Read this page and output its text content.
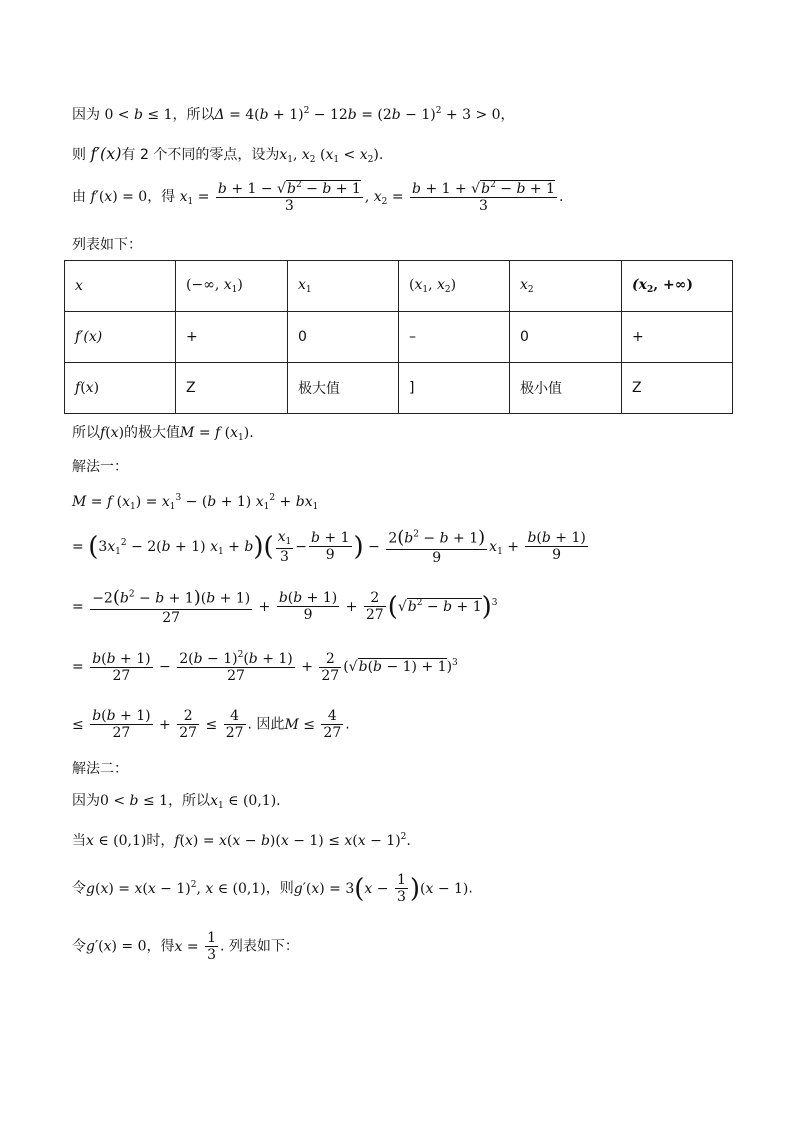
因为 0 < b ≤ 1，所以$\Delta = 4(b + 1)^2 - 12b = (2b - 1)^2 + 3 > 0$，
则 f′(x)有 2 个不同的零点，设为$x_1$, $x_2$ $(x_1 < x_2)$.
由 f′(x) = 0，得 $x_1 = \frac{b + 1 - √b^2 - b + 1}{3}$ , $x_2 = \frac{b + 1 + √b^2 - b + 1}{3}$ .
列表如下：
x	(−∞, $x_1$)	$x_1$	($x_1$, $x_2$)	$x_2$	($x_2$, +∞)
f′(x)	+	0	–	0	+
f(x)	Z	极大值	]	极小值	Z
所以f(x)的极大值M = f $(x_1)$.
解法一：
M = f $(x_1) = x_1^3 - (b + 1) x_1^2 + bx_1$
= $(3x_1^2 - 2(b + 1) x_1 + b)( \frac{x_1}{3} - \frac{b + 1}{9}$ ) − $\frac{2(b^2 - b + 1)}{9} x_1 + \frac{b(b + 1)}{9}$
= $\frac{-2(b^2 - b + 1)(b + 1)}{27} + \frac{b(b + 1)}{9} + \frac{2}{27} (√b^2 - b + 1)^3$
= $\frac{b(b + 1)}{27} - \frac{2(b - 1)^2(b + 1)}{27} + \frac{2}{27} (√b(b - 1) + 1)^3$
≤ $\frac{b(b + 1)}{27} + \frac{2}{27} \le \frac{4}{27}$ . 因此$M \le \frac{4}{27}$ .
解法二：
因为0 < b ≤ 1，所以$x_1$ ∈ (0,1).
当x ∈ (0,1)时，$f(x) = x(x - b)(x - 1) \le x(x - 1)^2$.
令$g(x) = x(x - 1)^2$, x ∈ (0,1)，则$g'(x) = 3(x - \frac{1}{3} )(x - 1)$.
令g′(x) = 0，得$x = \frac{1}{3}$ . 列表如下：
